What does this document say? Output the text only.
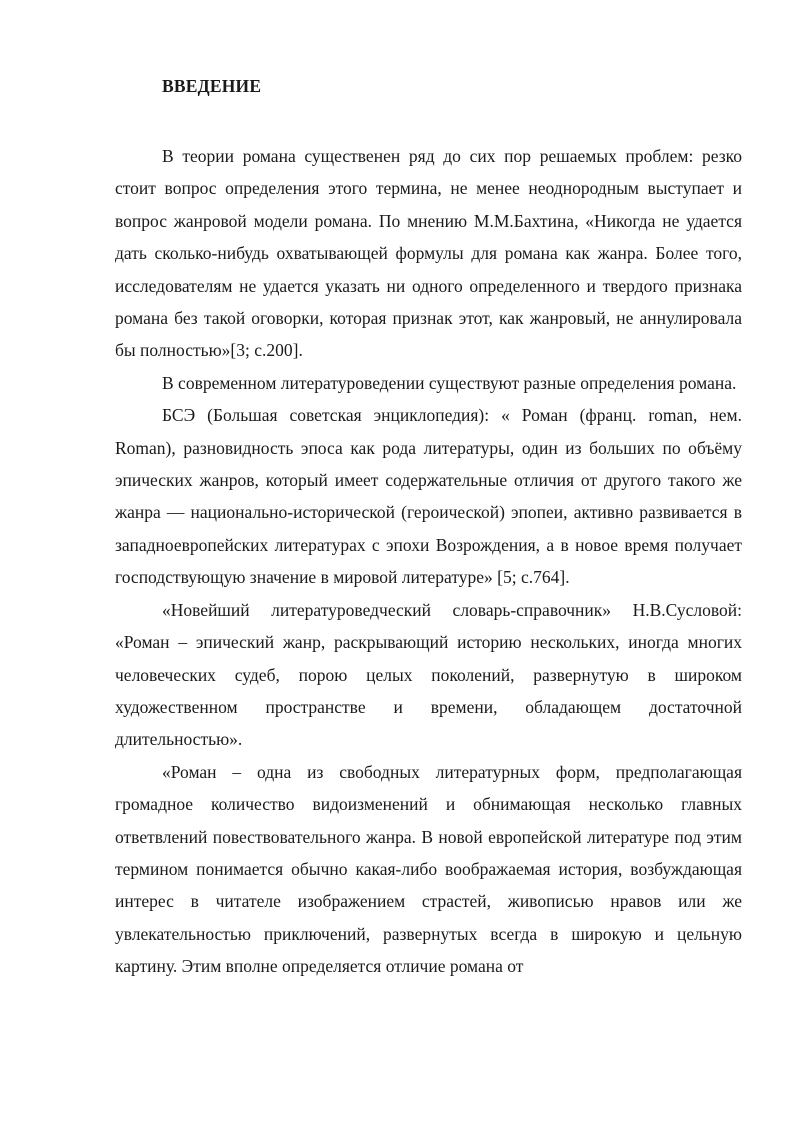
ВВЕДЕНИЕ

В теории романа существенен ряд до сих пор решаемых проблем: резко стоит вопрос определения этого термина, не менее неоднородным выступает и вопрос жанровой модели романа. По мнению М.М.Бахтина, «Никогда не удается дать сколько-нибудь охватывающей формулы для романа как жанра. Более того, исследователям не удается указать ни одного определенного и твердого признака романа без такой оговорки, которая признак этот, как жанровый, не аннулировала бы полностью»[3; с.200].

В современном литературоведении существуют разные определения романа.

БСЭ (Большая советская энциклопедия): « Роман (франц. roman, нем. Roman), разновидность эпоса как рода литературы, один из больших по объёму эпических жанров, который имеет содержательные отличия от другого такого же жанра — национально-исторической (героической) эпопеи, активно развивается в западноевропейских литературах с эпохи Возрождения, а в новое время получает господствующую значение в мировой литературе» [5; с.764].

«Новейший литературоведческий словарь-справочник» Н.В.Сусловой: «Роман – эпический жанр, раскрывающий историю нескольких, иногда многих человеческих судеб, порою целых поколений, развернутую в широком художественном пространстве и времени, обладающем достаточной длительностью».

«Роман – одна из свободных литературных форм, предполагающая громадное количество видоизменений и обнимающая несколько главных ответвлений повествовательного жанра. В новой европейской литературе под этим термином понимается обычно какая-либо воображаемая история, возбуждающая интерес в читателе изображением страстей, живописью нравов или же увлекательностью приключений, развернутых всегда в широкую и цельную картину. Этим вполне определяется отличие романа от
